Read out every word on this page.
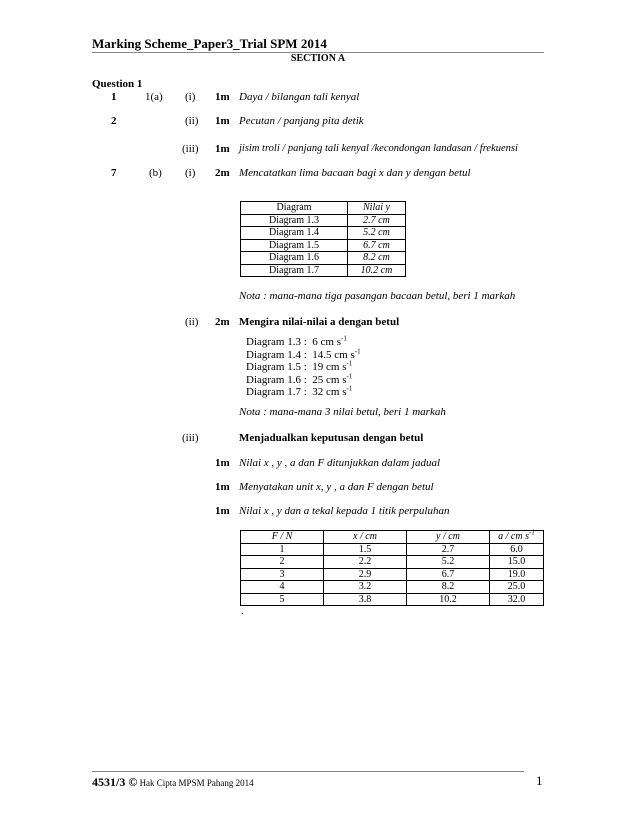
Marking Scheme_Paper3_Trial SPM 2014
SECTION A
Question 1
1	1(a) (i) 1m Daya / bilangan tali kenyal
2	(ii) 1m Pecutan / panjang pita detik
(iii) 1m jisim troli / panjang tali kenyal /kecondongan landasan / frekuensi
7	(b) (i) 2m Mencatatkan lima bacaan bagi x dan y dengan betul
Diagram	Nilai y
Diagram 1.3	2.7 cm
Diagram 1.4	5.2 cm
Diagram 1.5	6.7 cm
Diagram 1.6	8.2 cm
Diagram 1.7	10.2 cm
Nota : mana-mana tiga pasangan bacaan betul, beri 1 markah
(ii) 2m Mengira nilai-nilai a dengan betul
Diagram 1.3 : 6 cm $s^{-1}$
Diagram 1.4 : 14.5 cm $s^{-1}$
Diagram 1.5 : 19 cm $s^{-1}$
Diagram 1.6 : 25 cm $s^{-1}$
Diagram 1.7 : 32 cm $s^{-1}$
Nota : mana-mana 3 nilai betul, beri 1 markah
(iii)	Menjadualkan keputusan dengan betul
1m Nilai x , y , a dan F ditunjukkan dalam jadual
1m Menyatakan unit x, y , a dan F dengan betul
1m Nilai x , y dan a tekal kepada 1 titik perpuluhan
F / N	x / cm	y / cm	a / cm $s^{-1}$
1	1.5	2.7	6.0
2	2.2	5.2	15.0
3	2.9	6.7	19.0
4	3.2	8.2	25.0
5	3.8	10.2	32.0
.
4531/3 © Hak Cipta MPSM Pahang 2014	1
